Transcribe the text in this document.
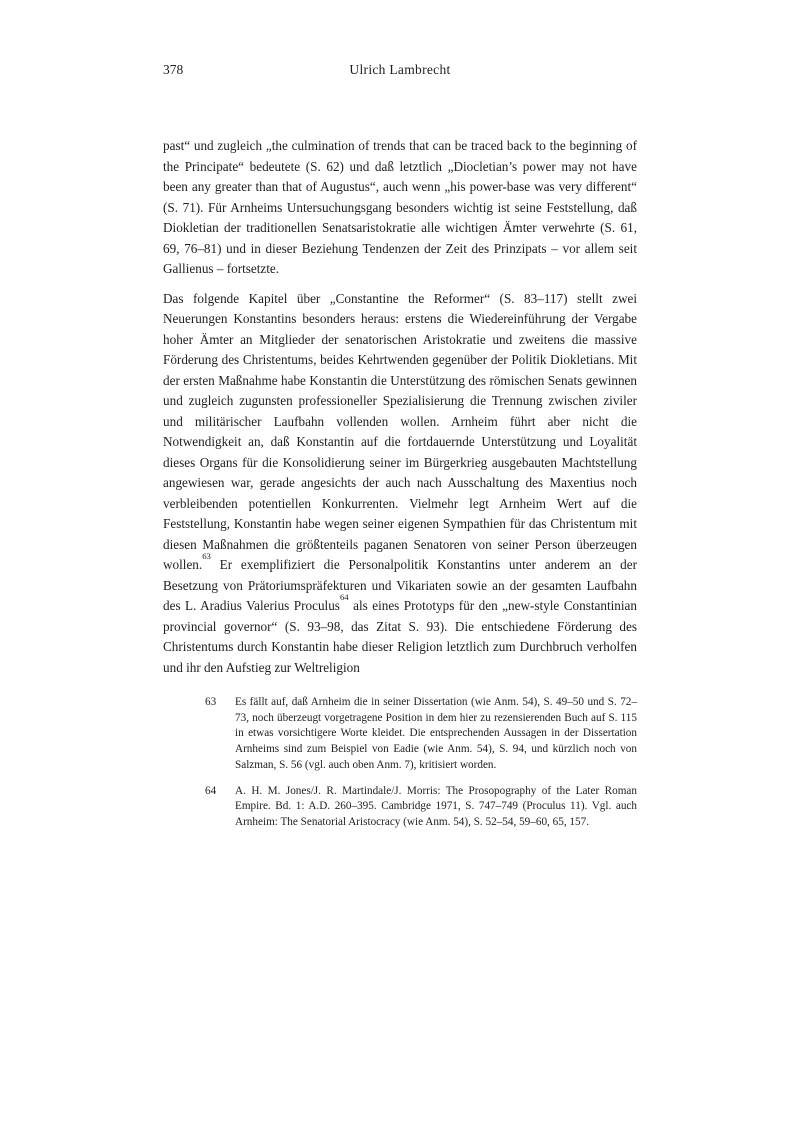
378	Ulrich Lambrecht

past“ und zugleich „the culmination of trends that can be traced back to the beginning of the Principate“ bedeutete (S. 62) und daß letztlich „Diocletian’s power may not have been any greater than that of Augustus“, auch wenn „his power-base was very different“ (S. 71). Für Arnheims Untersuchungsgang besonders wichtig ist seine Feststellung, daß Diokletian der traditionellen Senatsaristokratie alle wichtigen Ämter verwehrte (S. 61, 69, 76–81) und in dieser Beziehung Tendenzen der Zeit des Prinzipats – vor allem seit Gallienus – fortsetzte.

Das folgende Kapitel über „Constantine the Reformer“ (S. 83–117) stellt zwei Neuerungen Konstantins besonders heraus: erstens die Wiedereinführung der Vergabe hoher Ämter an Mitglieder der senatorischen Aristokratie und zweitens die massive Förderung des Christentums, beides Kehrtwenden gegenüber der Politik Diokletians. Mit der ersten Maßnahme habe Konstantin die Unterstützung des römischen Senats gewinnen und zugleich zugunsten professioneller Spezialisierung die Trennung zwischen ziviler und militärischer Laufbahn vollenden wollen. Arnheim führt aber nicht die Notwendigkeit an, daß Konstantin auf die fortdauernde Unterstützung und Loyalität dieses Organs für die Konsolidierung seiner im Bürgerkrieg ausgebauten Machtstellung angewiesen war, gerade angesichts der auch nach Ausschaltung des Maxentius noch verbleibenden potentiellen Konkurrenten. Vielmehr legt Arnheim Wert auf die Feststellung, Konstantin habe wegen seiner eigenen Sympathien für das Christentum mit diesen Maßnahmen die größtenteils paganen Senatoren von seiner Person überzeugen wollen.$^{63}$ Er exemplifiziert die Personalpolitik Konstantins unter anderem an der Besetzung von Prätoriumspräfekturen und Vikariaten sowie an der gesamten Laufbahn des L. Aradius Valerius Proculus$^{64}$ als eines Prototyps für den „new-style Constantinian provincial governor“ (S. 93–98, das Zitat S. 93). Die entschiedene Förderung des Christentums durch Konstantin habe dieser Religion letztlich zum Durchbruch verholfen und ihr den Aufstieg zur Weltreligion

63 Es fällt auf, daß Arnheim die in seiner Dissertation (wie Anm. 54), S. 49–50 und S. 72–73, noch überzeugt vorgetragene Position in dem hier zu rezensierenden Buch auf S. 115 in etwas vorsichtigere Worte kleidet. Die entsprechenden Aussagen in der Dissertation Arnheims sind zum Beispiel von Eadie (wie Anm. 54), S. 94, und kürzlich noch von Salzman, S. 56 (vgl. auch oben Anm. 7), kritisiert worden.
64 A. H. M. Jones/J. R. Martindale/J. Morris: The Prosopography of the Later Roman Empire. Bd. 1: A.D. 260–395. Cambridge 1971, S. 747–749 (Proculus 11). Vgl. auch Arnheim: The Senatorial Aristocracy (wie Anm. 54), S. 52–54, 59–60, 65, 157.
